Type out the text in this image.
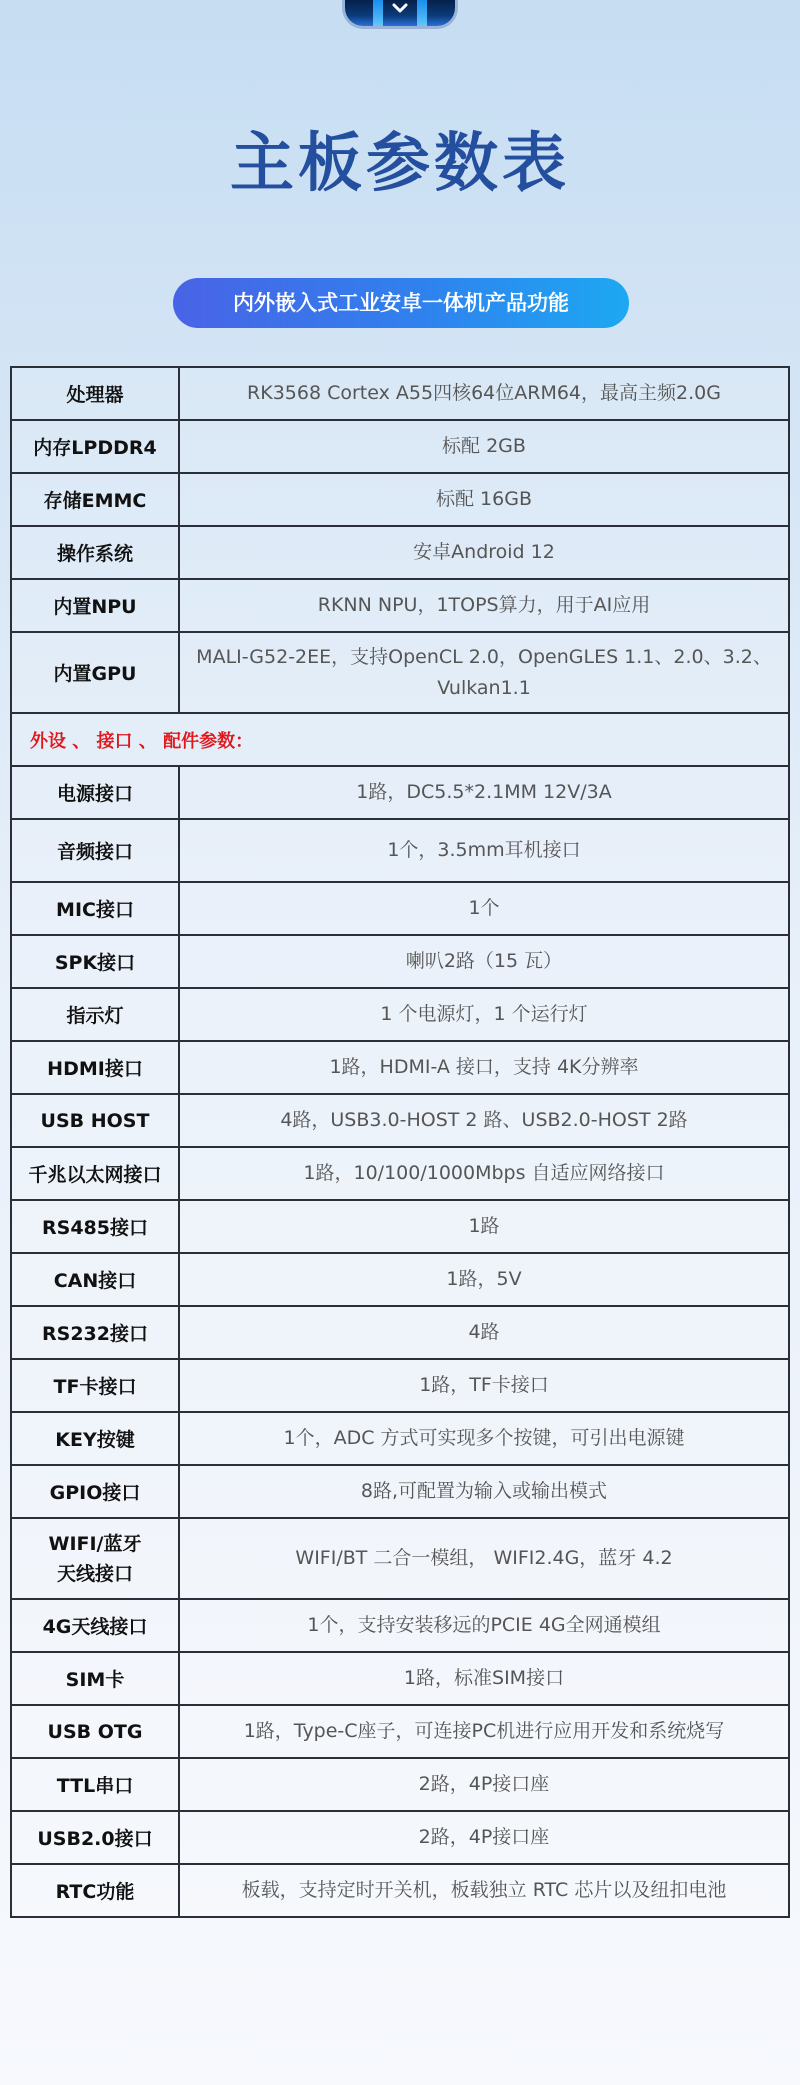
主板参数表
内外嵌入式工业安卓一体机产品功能
处理器	RK3568 Cortex A55四核64位ARM64，最高主频2.0G
内存LPDDR4	标配 2GB
存储EMMC	标配 16GB
操作系统	安卓Android 12
内置NPU	RKNN NPU，1TOPS算力，用于AI应用
内置GPU	MALI-G52-2EE，支持OpenCL 2.0，OpenGLES 1.1、2.0、3.2、Vulkan1.1
外设 、 接口 、 配件参数：	
电源接口	1路，DC5.5*2.1MM 12V/3A
音频接口	1个，3.5mm耳机接口
MIC接口	1个
SPK接口	喇叭2路（15 瓦）
指示灯	1 个电源灯，1 个运行灯
HDMI接口	1路，HDMI-A 接口，支持 4K分辨率
USB HOST	4路，USB3.0-HOST 2 路、USB2.0-HOST 2路
千兆以太网接口	1路，10/100/1000Mbps 自适应网络接口
RS485接口	1路
CAN接口	1路，5V
RS232接口	4路
TF卡接口	1路，TF卡接口
KEY按键	1个，ADC 方式可实现多个按键，可引出电源键
GPIO接口	8路,可配置为输入或输出模式

WIFI/蓝牙
天线接口	WIFI/BT 二合一模组， WIFI2.4G，蓝牙 4.2
4G天线接口	1个，支持安装移远的PCIE 4G全网通模组
SIM卡	1路，标准SIM接口
USB OTG	1路，Type-C座子，可连接PC机进行应用开发和系统烧写
TTL串口	2路，4P接口座
USB2.0接口	2路，4P接口座
RTC功能	板载，支持定时开关机，板载独立 RTC 芯片以及纽扣电池
